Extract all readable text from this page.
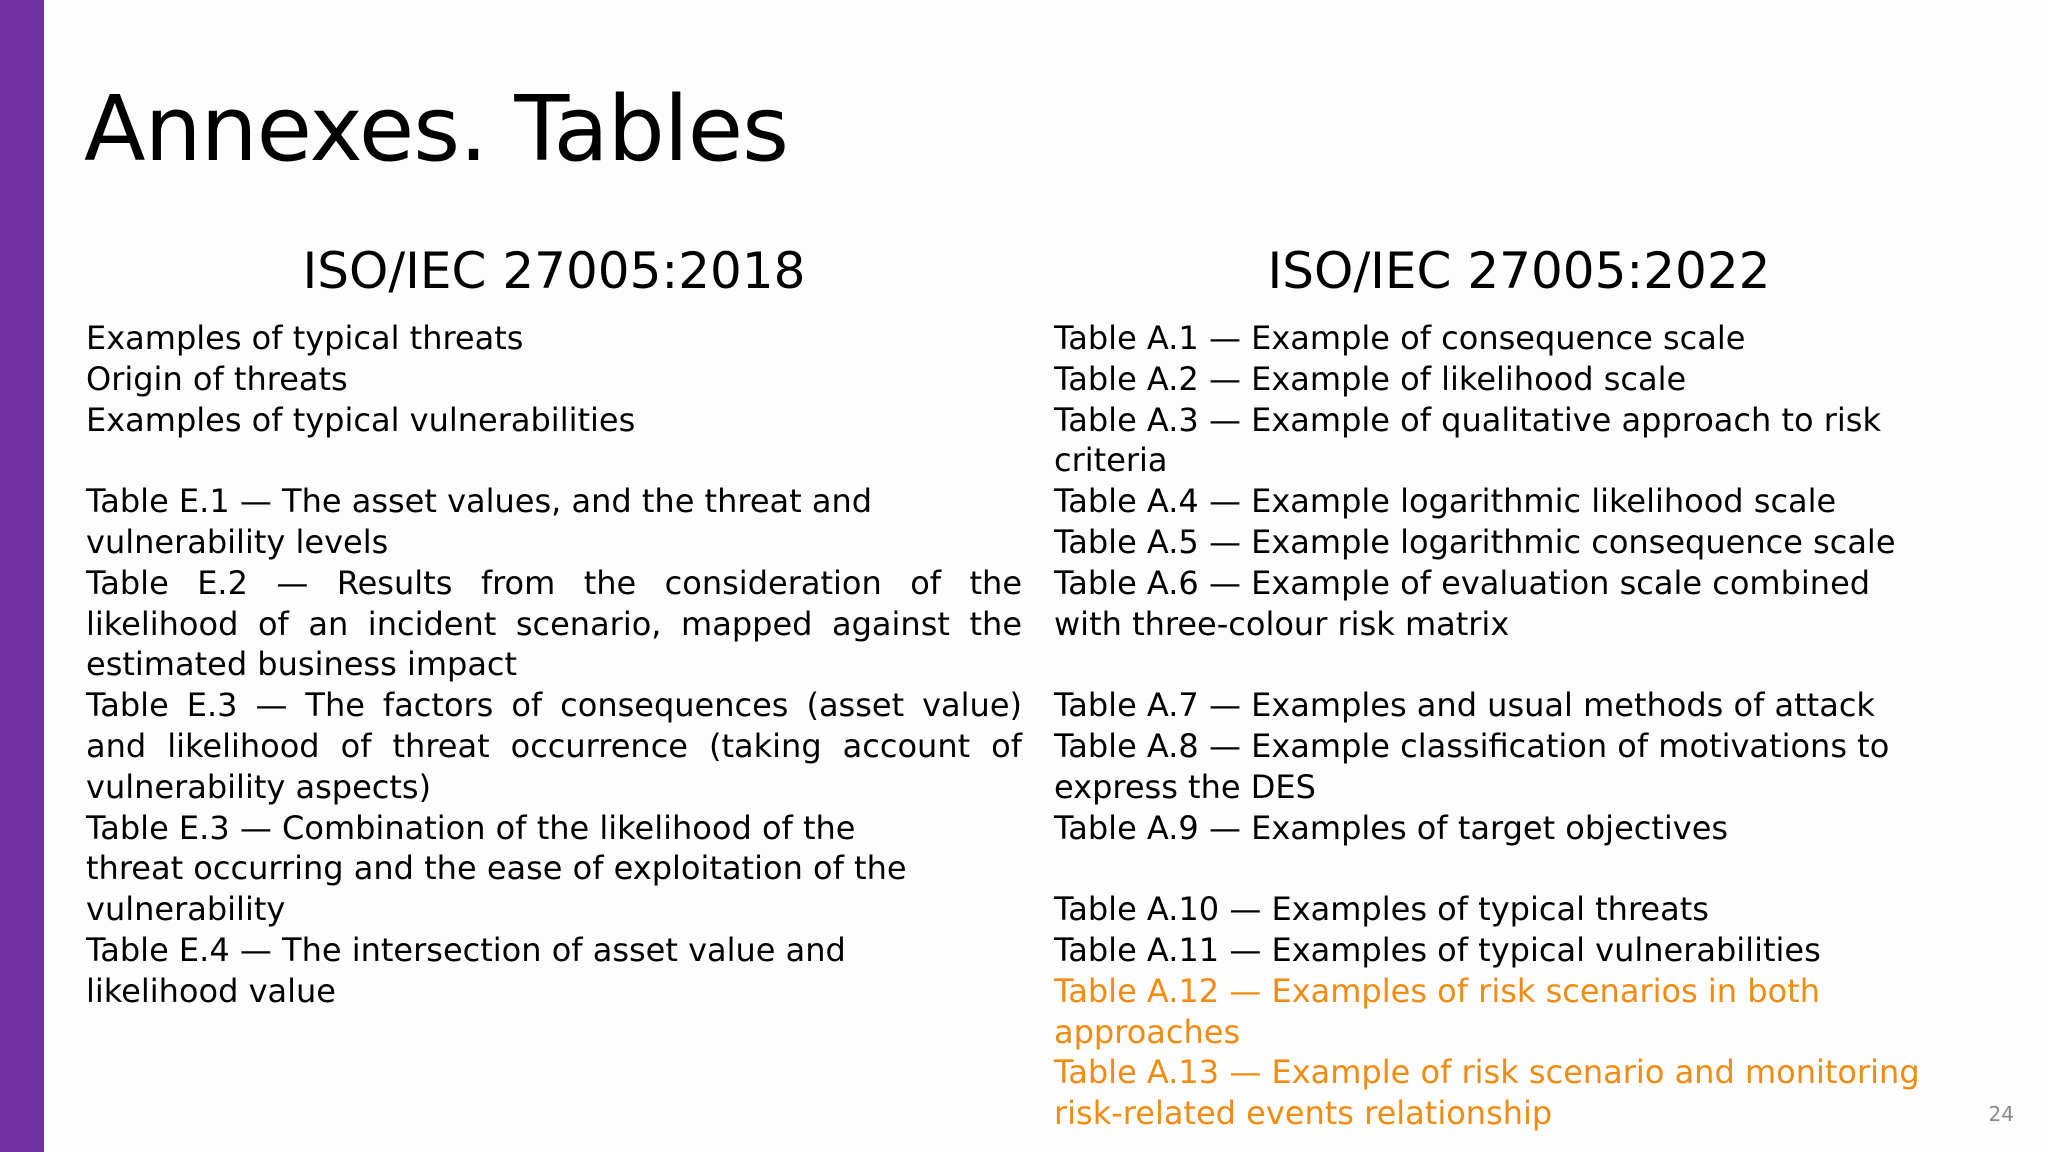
Annexes. Tables
ISO/IEC 27005:2018
Examples of typical threats
Origin of threats
Examples of typical vulnerabilities
Table E.1 — The asset values, and the threat and vulnerability levels
Table E.2 — Results from the consideration of the likelihood of an incident scenario, mapped against the estimated business impact
Table E.3 — The factors of consequences (asset value) and likelihood of threat occurrence (taking account of vulnerability aspects)
Table E.3 — Combination of the likelihood of the threat occurring and the ease of exploitation of the vulnerability
Table E.4 — The intersection of asset value and likelihood value
ISO/IEC 27005:2022
Table A.1 — Example of consequence scale
Table A.2 — Example of likelihood scale
Table A.3 — Example of qualitative approach to risk criteria
Table A.4 — Example logarithmic likelihood scale
Table A.5 — Example logarithmic consequence scale
Table A.6 — Example of evaluation scale combined with three-colour risk matrix
Table A.7 — Examples and usual methods of attack
Table A.8 — Example classification of motivations to express the DES
Table A.9 — Examples of target objectives
Table A.10 — Examples of typical threats
Table A.11 — Examples of typical vulnerabilities
Table A.12 — Examples of risk scenarios in both approaches
Table A.13 — Example of risk scenario and monitoring risk-related events relationship	24
